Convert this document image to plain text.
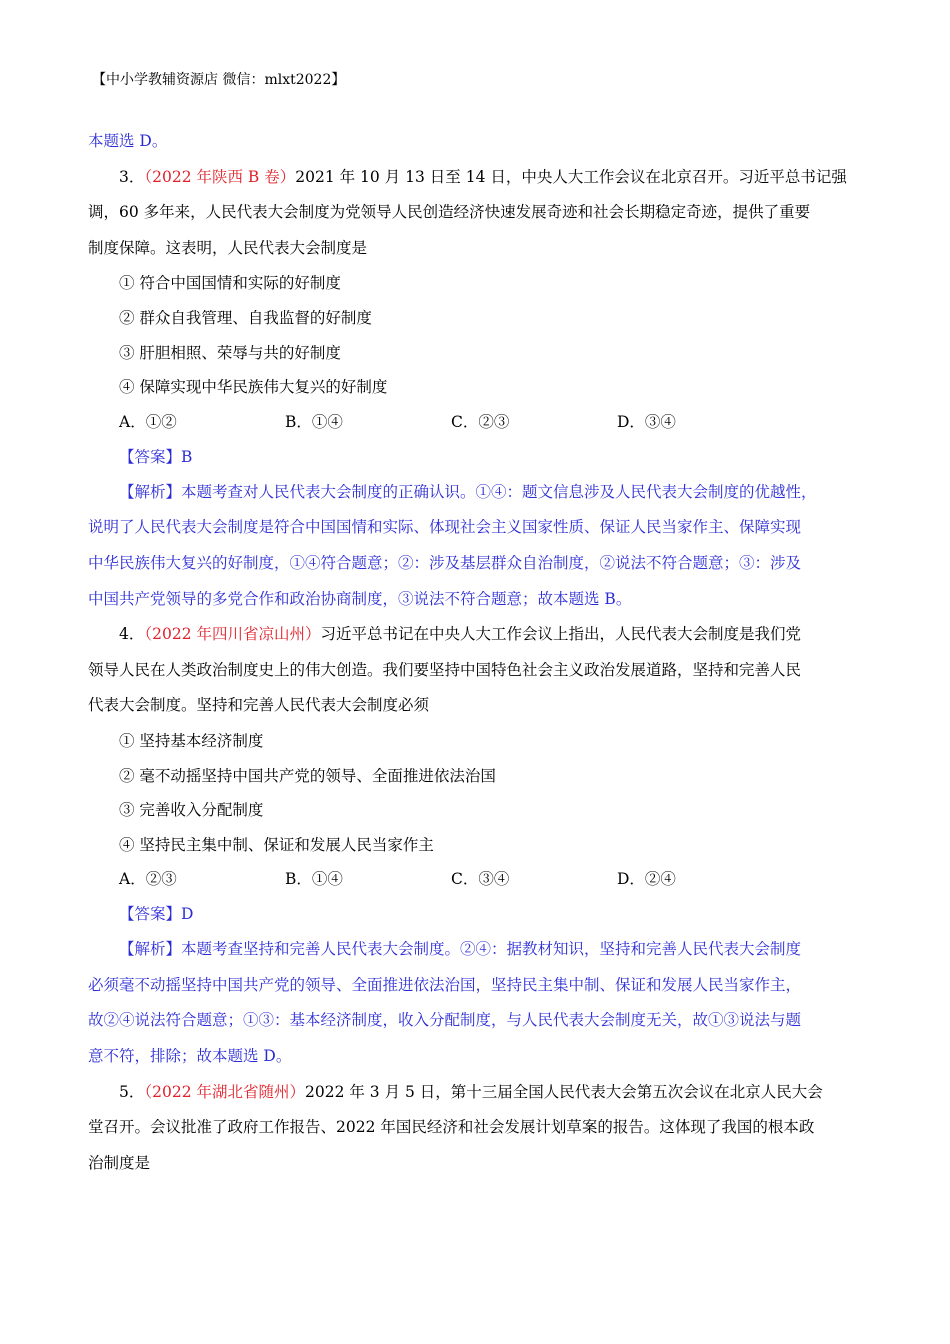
【中小学教辅资源店 微信：mlxt2022】

本题选 D。

3．（2022 年陕西 B 卷）2021 年 10 月 13 日至 14 日，中央人大工作会议在北京召开。习近平总书记强

调，60 多年来，人民代表大会制度为党领导人民创造经济快速发展奇迹和社会长期稳定奇迹，提供了重要

制度保障。这表明，人民代表大会制度是

① 符合中国国情和实际的好制度

② 群众自我管理、自我监督的好制度

③ 肝胆相照、荣辱与共的好制度

④ 保障实现中华民族伟大复兴的好制度

A．①②	B．①④	C．②③	D．③④
【答案】B

【解析】本题考查对人民代表大会制度的正确认识。①④：题文信息涉及人民代表大会制度的优越性，

说明了人民代表大会制度是符合中国国情和实际、体现社会主义国家性质、保证人民当家作主、保障实现

中华民族伟大复兴的好制度，①④符合题意；②：涉及基层群众自治制度，②说法不符合题意；③：涉及

中国共产党领导的多党合作和政治协商制度，③说法不符合题意；故本题选 B。

4．（2022 年四川省凉山州）习近平总书记在中央人大工作会议上指出，人民代表大会制度是我们党

领导人民在人类政治制度史上的伟大创造。我们要坚持中国特色社会主义政治发展道路，坚持和完善人民

代表大会制度。坚持和完善人民代表大会制度必须

① 坚持基本经济制度

② 毫不动摇坚持中国共产党的领导、全面推进依法治国

③ 完善收入分配制度

④ 坚持民主集中制、保证和发展人民当家作主

A．②③	B．①④	C．③④	D．②④
【答案】D

【解析】本题考查坚持和完善人民代表大会制度。②④：据教材知识，坚持和完善人民代表大会制度

必须毫不动摇坚持中国共产党的领导、全面推进依法治国，坚持民主集中制、保证和发展人民当家作主，

故②④说法符合题意；①③：基本经济制度，收入分配制度，与人民代表大会制度无关，故①③说法与题

意不符，排除；故本题选 D。

5．（2022 年湖北省随州）2022 年 3 月 5 日，第十三届全国人民代表大会第五次会议在北京人民大会

堂召开。会议批准了政府工作报告、2022 年国民经济和社会发展计划草案的报告。这体现了我国的根本政

治制度是
